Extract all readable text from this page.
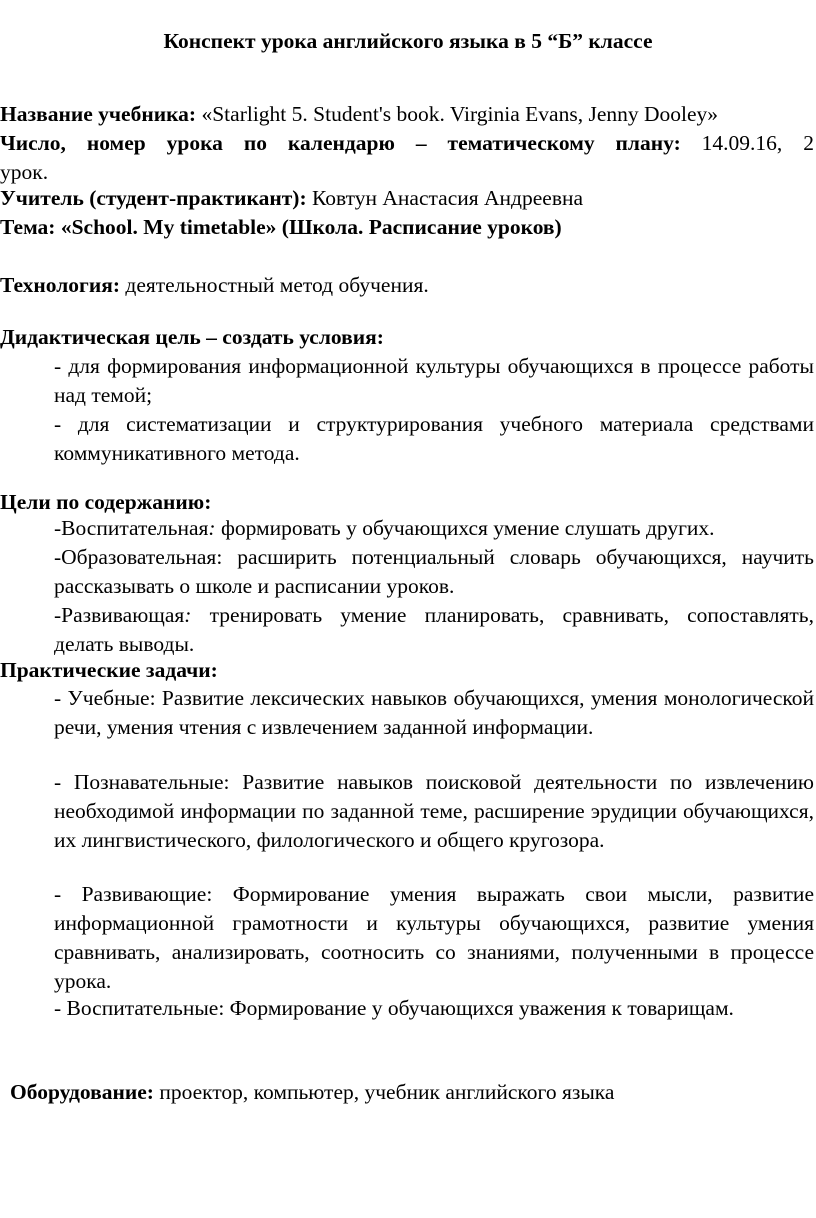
Конспект урока английского языка в 5 “Б” классе
Название учебника: «Starlight 5. Student's book. Virginia Evans, Jenny Dooley»
Число, номер урока по календарю – тематическому плану: 14.09.16, 2
урок.
Учитель (студент-практикант): Ковтун Анастасия Андреевна
Тема: «School. My timetable» (Школа. Расписание уроков)
Технология: деятельностный метод обучения.
Дидактическая цель – создать условия:
- для формирования информационной культуры обучающихся в процессе работы над темой;
- для систематизации и структурирования учебного материала средствами коммуникативного метода.
Цели по содержанию:
-Воспитательная: формировать у обучающихся умение слушать других.
-Образовательная: расширить потенциальный словарь обучающихся, научить рассказывать о школе и расписании уроков.
-Развивающая: тренировать умение планировать, сравнивать, сопоставлять, делать выводы.
Практические задачи:
- Учебные: Развитие лексических навыков обучающихся, умения монологической речи, умения чтения с извлечением заданной информации.
- Познавательные: Развитие навыков поисковой деятельности по извлечению необходимой информации по заданной теме, расширение эрудиции обучающихся, их лингвистического, филологического и общего кругозора.
- Развивающие: Формирование умения выражать свои мысли, развитие информационной грамотности и культуры обучающихся, развитие умения сравнивать, анализировать, соотносить со знаниями, полученными в процессе урока.
- Воспитательные: Формирование у обучающихся уважения к товарищам.
Оборудование: проектор, компьютер, учебник английского языка
